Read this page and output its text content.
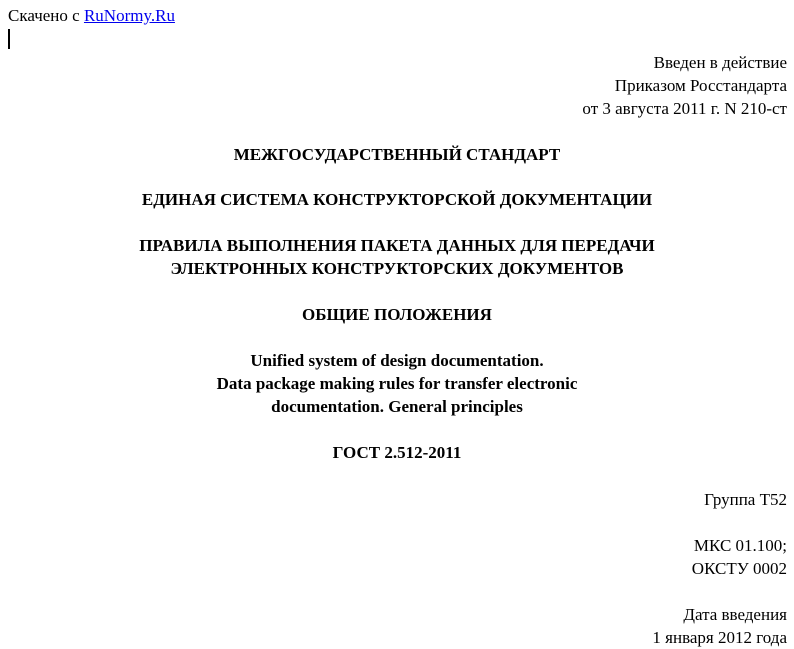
Скачено с RuNormy.Ru
Введен в действие
Приказом Росстандарта
от 3 августа 2011 г. N 210-ст
МЕЖГОСУДАРСТВЕННЫЙ СТАНДАРТ
ЕДИНАЯ СИСТЕМА КОНСТРУКТОРСКОЙ ДОКУМЕНТАЦИИ
ПРАВИЛА ВЫПОЛНЕНИЯ ПАКЕТА ДАННЫХ ДЛЯ ПЕРЕДАЧИ
ЭЛЕКТРОННЫХ КОНСТРУКТОРСКИХ ДОКУМЕНТОВ
ОБЩИЕ ПОЛОЖЕНИЯ
Unified system of design documentation.
Data package making rules for transfer electronic
documentation. General principles
ГОСТ 2.512-2011
Группа Т52
МКС 01.100;
ОКСТУ 0002
Дата введения
1 января 2012 года
